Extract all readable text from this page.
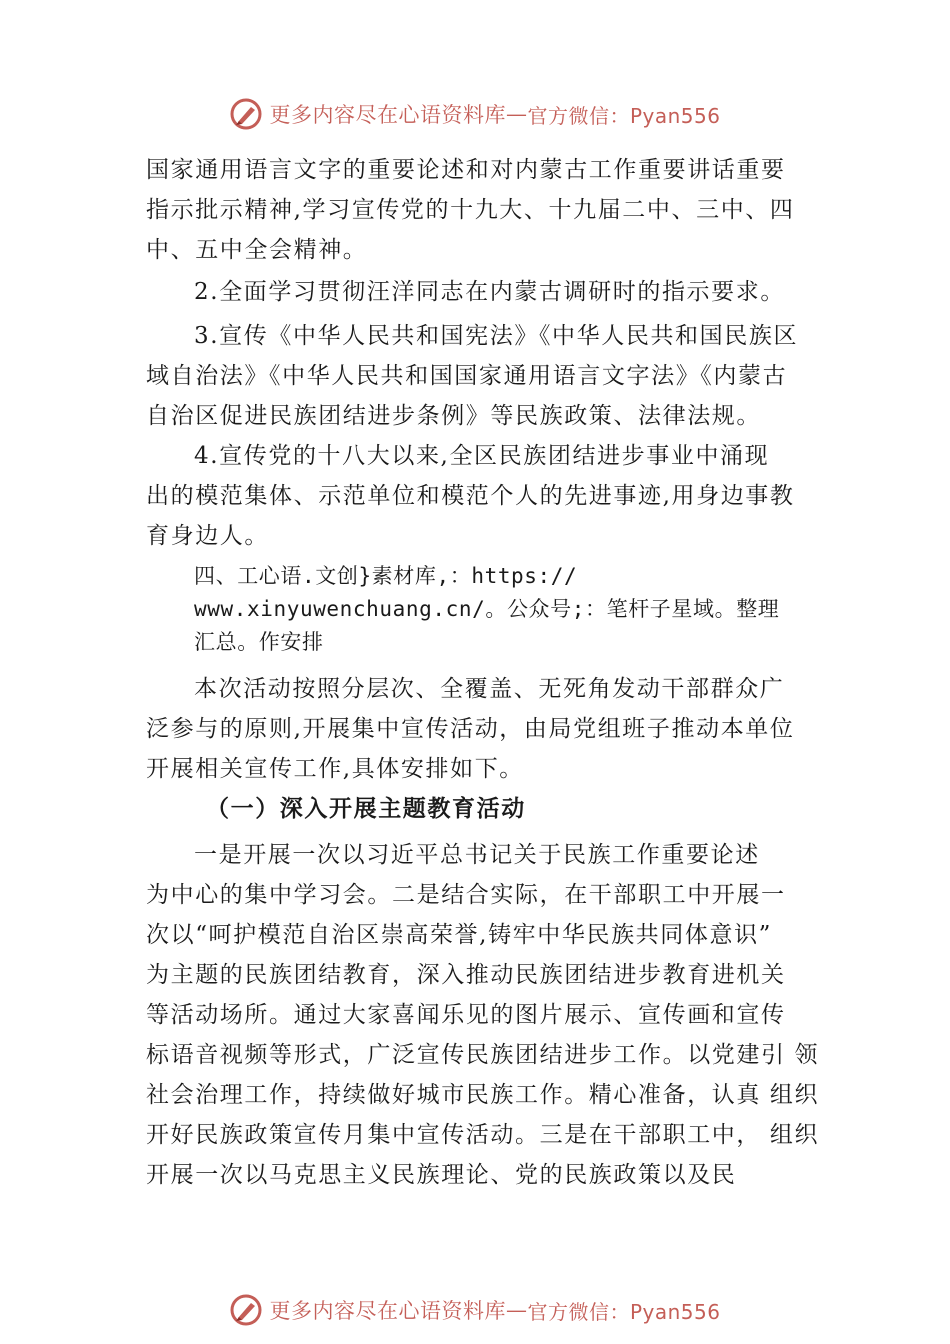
更多内容尽在心语资料库 — 官方微信：Pyan556
国家通用语言文字的重要论述和对内蒙古工作重要讲话重要
指示批示精神,学习宣传党的十九大、十九届二中、三中、四
中、五中全会精神。
2.全面学习贯彻汪洋同志在内蒙古调研时的指示要求。
3.宣传《中华人民共和国宪法》《中华人民共和国民族区
域自治法》《中华人民共和国国家通用语言文字法》《内蒙古
自治区促进民族团结进步条例》等民族政策、法律法规。
4.宣传党的十八大以来,全区民族团结进步事业中涌现
出的模范集体、示范单位和模范个人的先进事迹,用身边事教
育身边人。
四、工心语.文创}素材库,：https://
www.xinyuwenchuang.cn/。公众号;：笔杆子星域。整理
汇总。作安排
本次活动按照分层次、全覆盖、无死角发动干部群众广
泛参与的原则,开展集中宣传活动，由局党组班子推动本单位
开展相关宣传工作,具体安排如下。
（一）深入开展主题教育活动
一是开展一次以习近平总书记关于民族工作重要论述
为中心的集中学习会。二是结合实际，在干部职工中开展一
次以“呵护模范自治区崇高荣誉,铸牢中华民族共同体意识”
为主题的民族团结教育，深入推动民族团结进步教育进机关
等活动场所。通过大家喜闻乐见的图片展示、宣传画和宣传
标语音视频等形式，广泛宣传民族团结进步工作。以党建引 领
社会治理工作，持续做好城市民族工作。精心准备，认真 组织
开好民族政策宣传月集中宣传活动。三是在干部职工中， 组织
开展一次以马克思主义民族理论、党的民族政策以及民
更多内容尽在心语资料库 — 官方微信：Pyan556
